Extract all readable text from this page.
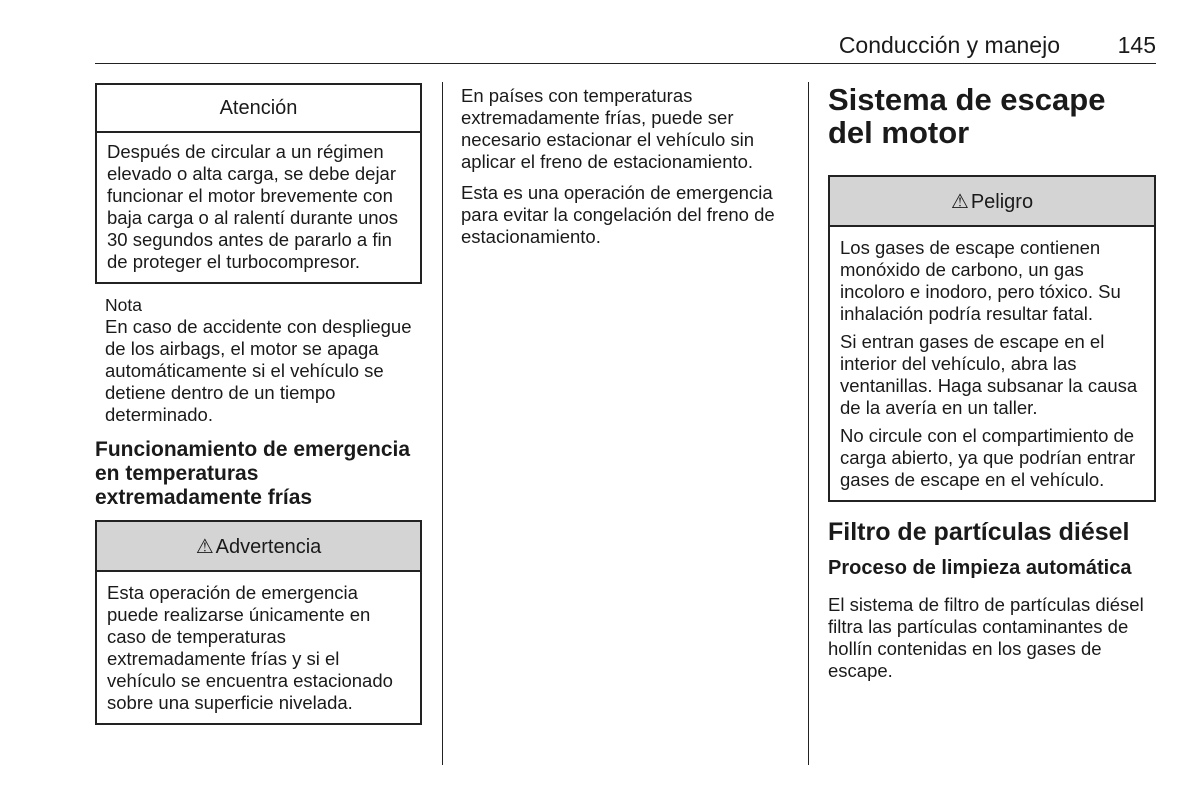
Conducción y manejo	145
Atención

Después de circular a un régimen elevado o alta carga, se debe dejar funcionar el motor brevemente con baja carga o al ralentí durante unos 30 segundos antes de pararlo a fin de proteger el turbocompresor.

Nota
En caso de accidente con despliegue de los airbags, el motor se apaga automáticamente si el vehículo se detiene dentro de un tiempo determinado.
Funcionamiento de emergencia en temperaturas extremadamente frías
⚠ Advertencia

Esta operación de emergencia puede realizarse únicamente en caso de temperaturas extremadamente frías y si el vehículo se encuentra estacionado sobre una superficie nivelada.

En países con temperaturas extremadamente frías, puede ser necesario estacionar el vehículo sin aplicar el freno de estacionamiento.

Esta es una operación de emergencia para evitar la congelación del freno de estacionamiento.

Sistema de escape del motor
⚠ Peligro

Los gases de escape contienen monóxido de carbono, un gas incoloro e inodoro, pero tóxico. Su inhalación podría resultar fatal.

Si entran gases de escape en el interior del vehículo, abra las ventanillas. Haga subsanar la causa de la avería en un taller.

No circule con el compartimiento de carga abierto, ya que podrían entrar gases de escape en el vehículo.

Filtro de partículas diésel
Proceso de limpieza automática

El sistema de filtro de partículas diésel filtra las partículas contaminantes de hollín contenidas en los gases de escape.
